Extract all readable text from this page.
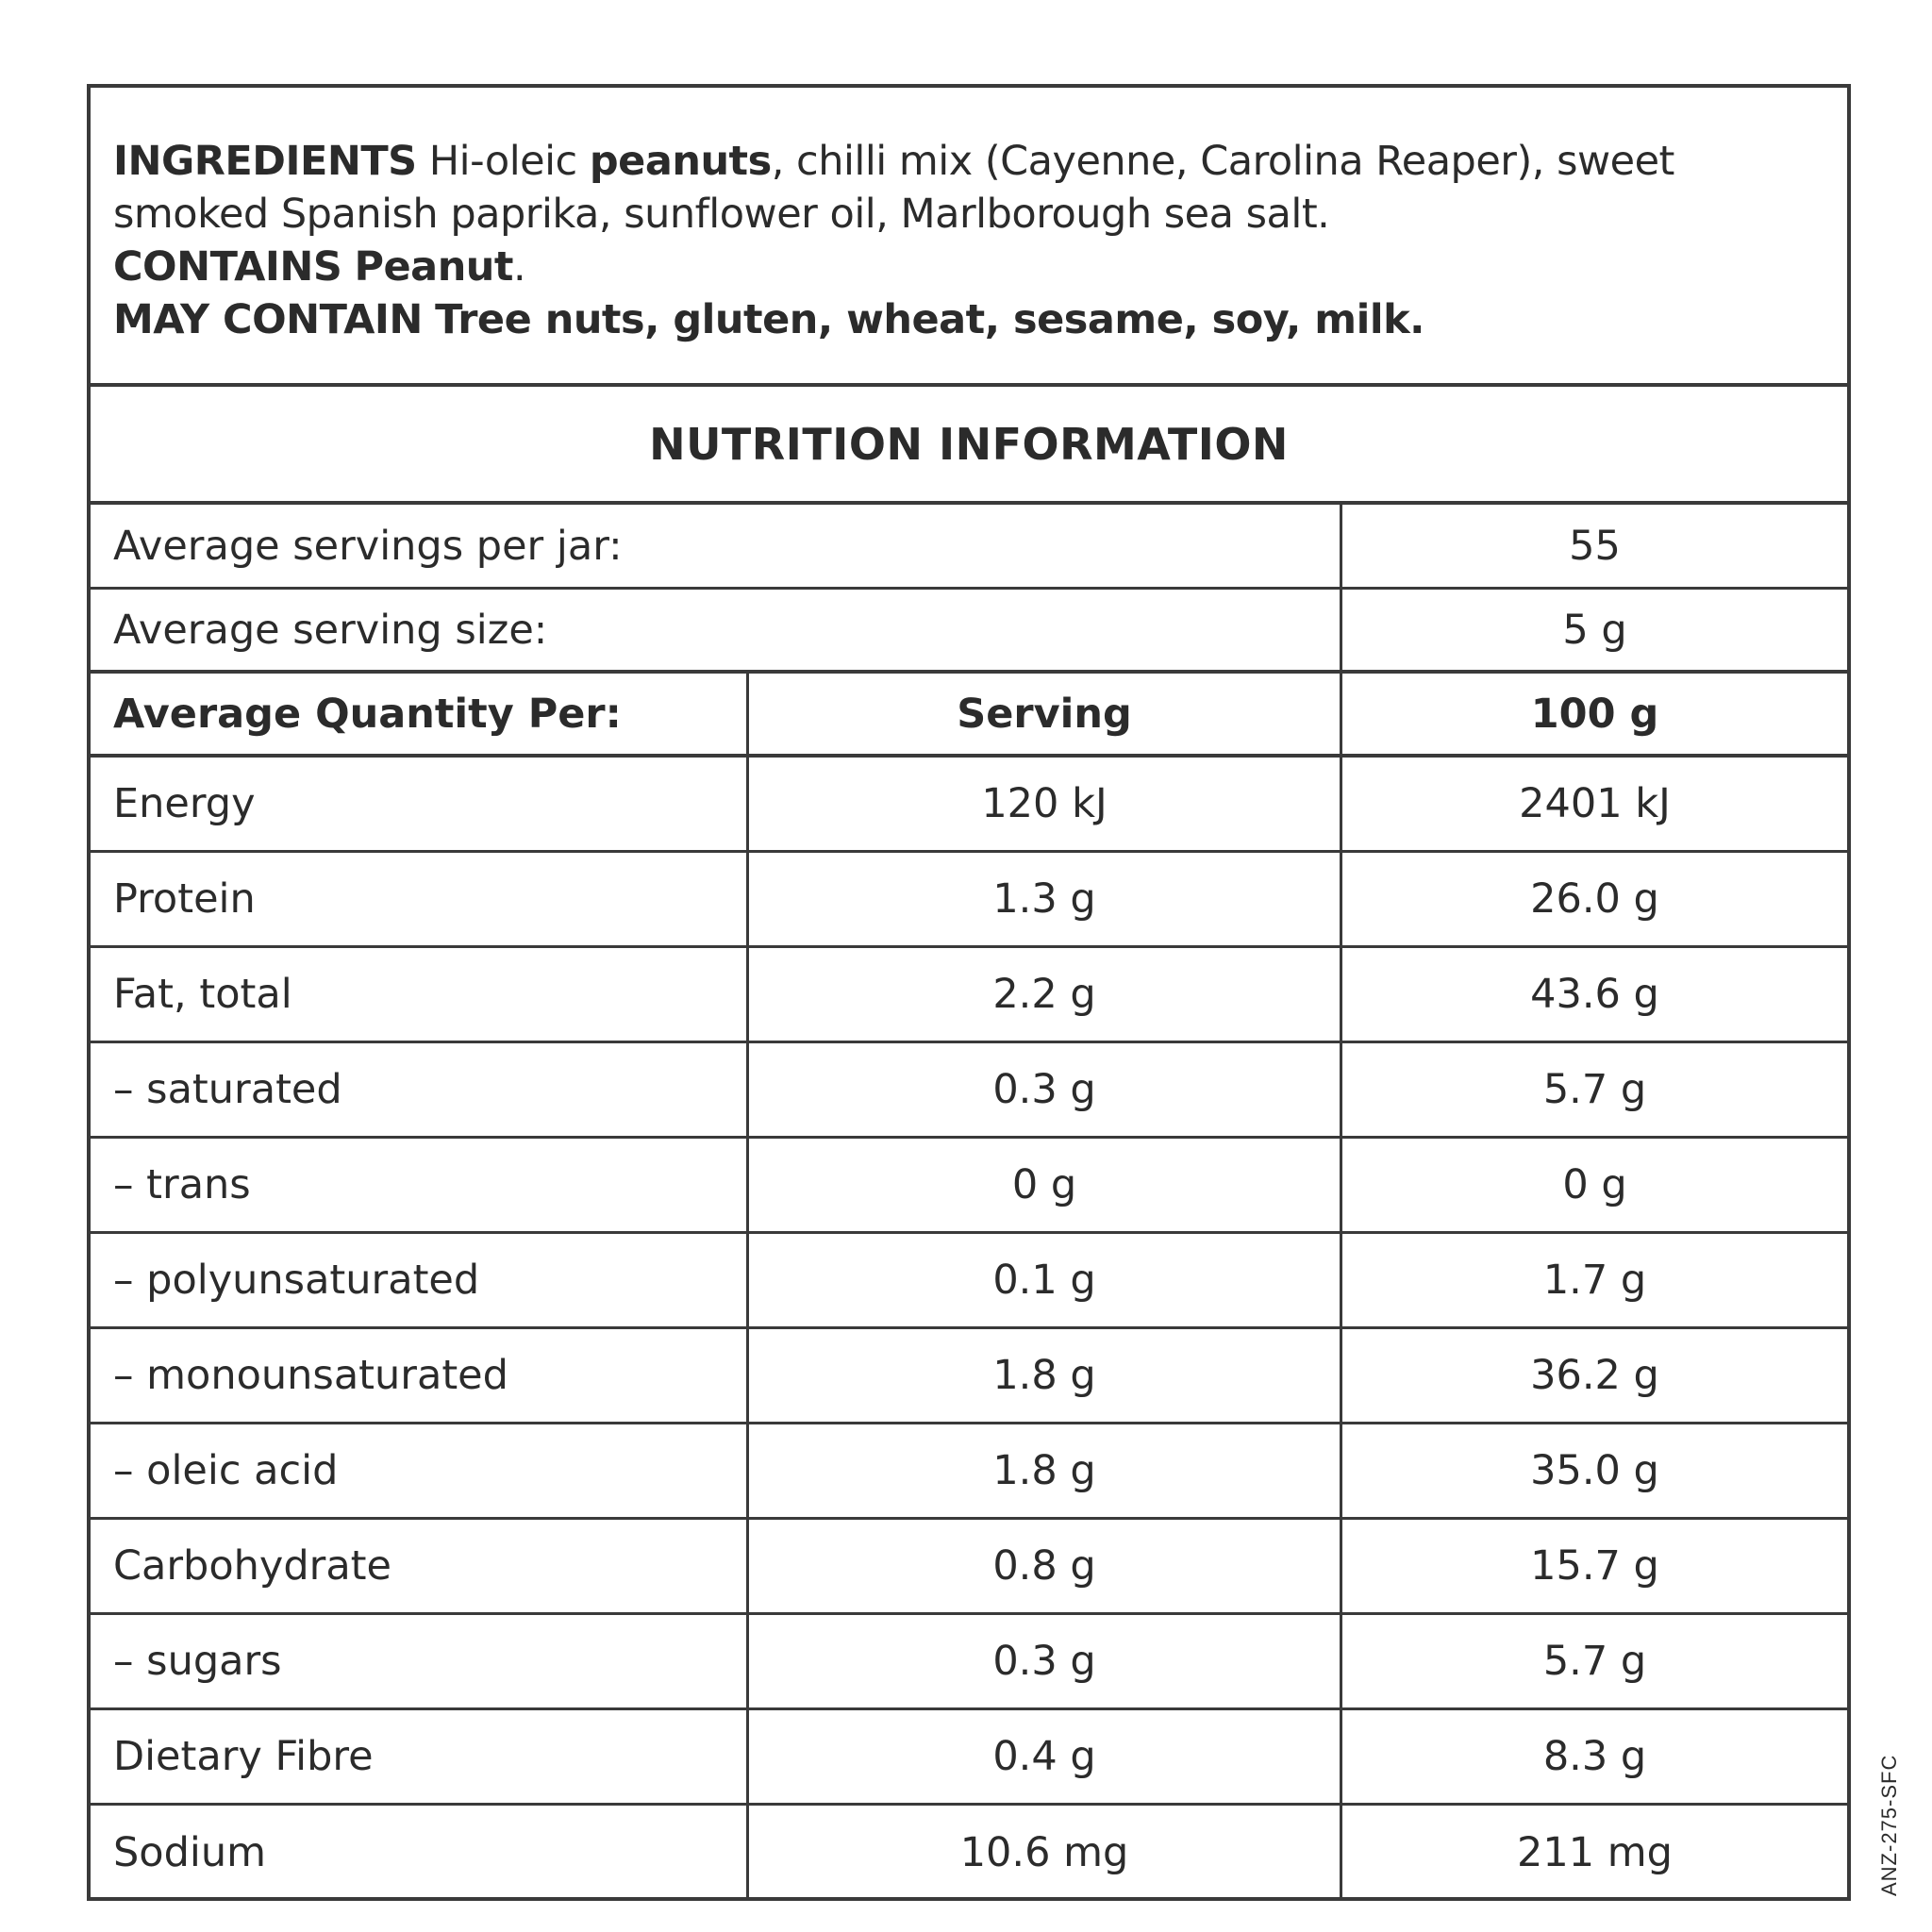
INGREDIENTS Hi-oleic peanuts, chilli mix (Cayenne, Carolina Reaper), sweet smoked Spanish paprika, sunflower oil, Marlborough sea salt.

CONTAINS Peanut.

MAY CONTAIN Tree nuts, gluten, wheat, sesame, soy, milk.

NUTRITION INFORMATION
Average servings per jar:	55
Average serving size:	5 g
Average Quantity Per:	Serving	100 g
Energy	120 kJ	2401 kJ
Protein	1.3 g	26.0 g
Fat, total	2.2 g	43.6 g
– saturated	0.3 g	5.7 g
– trans	0 g	0 g
– polyunsaturated	0.1 g	1.7 g
– monounsaturated	1.8 g	36.2 g
– oleic acid	1.8 g	35.0 g
Carbohydrate	0.8 g	15.7 g
– sugars	0.3 g	5.7 g
Dietary Fibre	0.4 g	8.3 g
Sodium	10.6 mg	211 mg	ANZ-275-SFC
